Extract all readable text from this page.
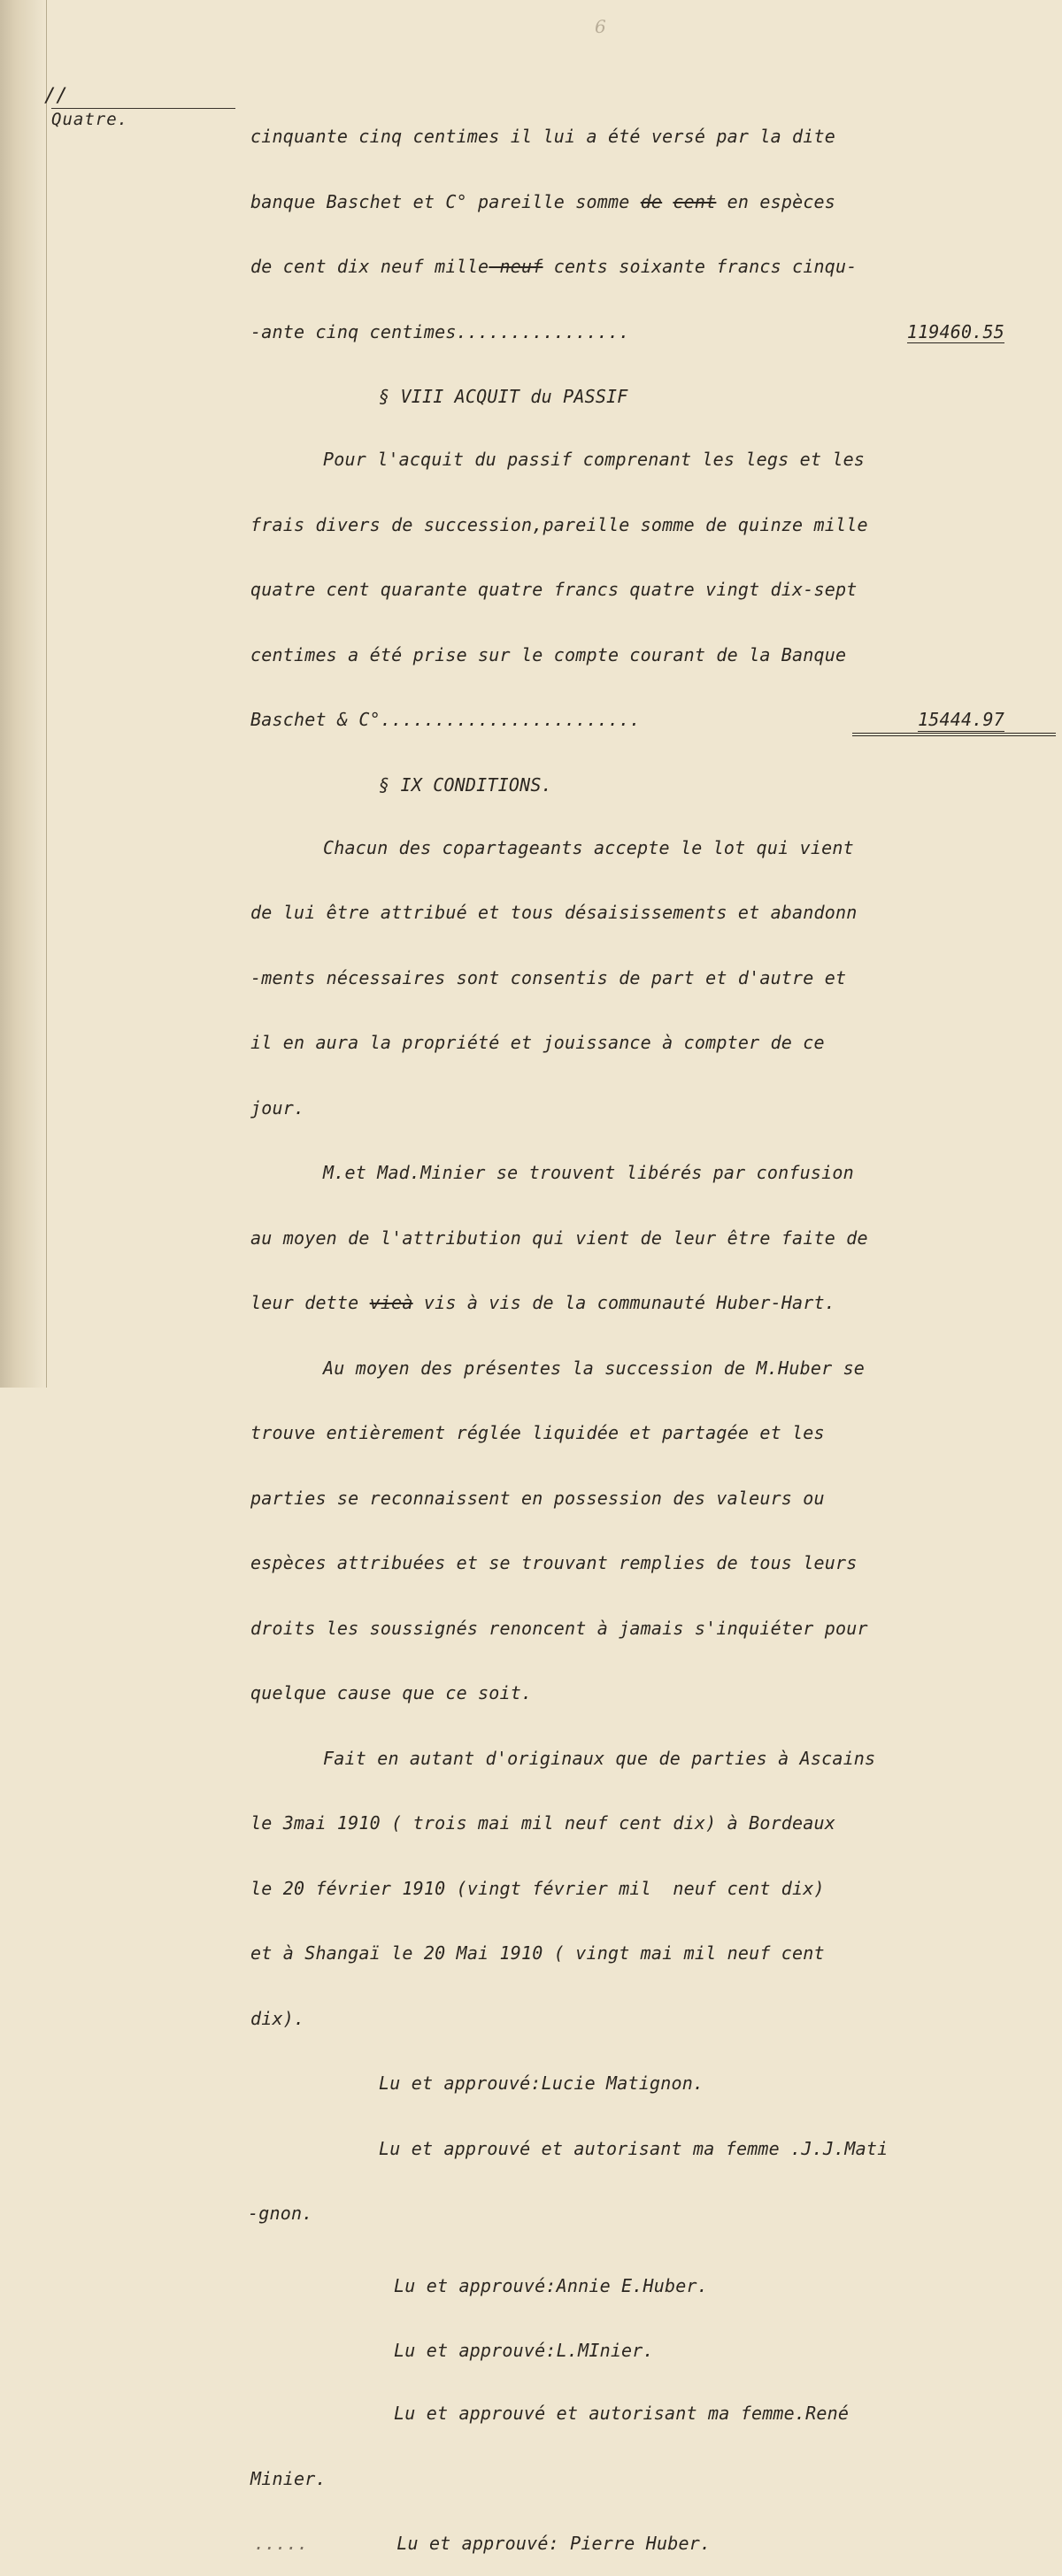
6
//
Quatre.

cinquante cinq centimes il lui a été versé par la dite

banque Baschet et C° pareille somme de cent en espèces

de cent dix neuf mille-neuf cents soixante francs cinqu-

-ante cinq centimes................	119460.55

§ VIII ACQUIT du PASSIF

Pour l'acquit du passif comprenant les legs et les

frais divers de succession,pareille somme de quinze mille

quatre cent quarante quatre francs quatre vingt dix-sept

centimes a été prise sur le compte courant de la Banque

Baschet & C°........................	15444.97

§ IX CONDITIONS.

Chacun des copartageants accepte le lot qui vient

de lui être attribué et tous désaisissements et abandonn

-ments nécessaires sont consentis de part et d'autre et

il en aura la propriété et jouissance à compter de ce

jour.

M.et Mad.Minier se trouvent libérés par confusion

au moyen de l'attribution qui vient de leur être faite de

leur dette vieà vis à vis de la communauté Huber-Hart.

Au moyen des présentes la succession de M.Huber se

trouve entièrement réglée liquidée et partagée et les

parties se reconnaissent en possession des valeurs ou

espèces attribuées et se trouvant remplies de tous leurs

droits les soussignés renoncent à jamais s'inquiéter pour

quelque cause que ce soit.

Fait en autant d'originaux que de parties à Ascains

le 3mai 1910 ( trois mai mil neuf cent dix) à Bordeaux

le 20 février 1910 (vingt février mil  neuf cent dix)

et à Shangaï le 20 Mai 1910 ( vingt mai mil neuf cent

dix).

Lu et approuvé:Lucie Matignon.

Lu et approuvé et autorisant ma femme .J.J.Mati

-gnon.

Lu et approuvé:Annie E.Huber.

Lu et approuvé:L.MInier.

Lu et approuvé et autorisant ma femme.René

Minier.

.....	Lu et approuvé: Pierre Huber.
